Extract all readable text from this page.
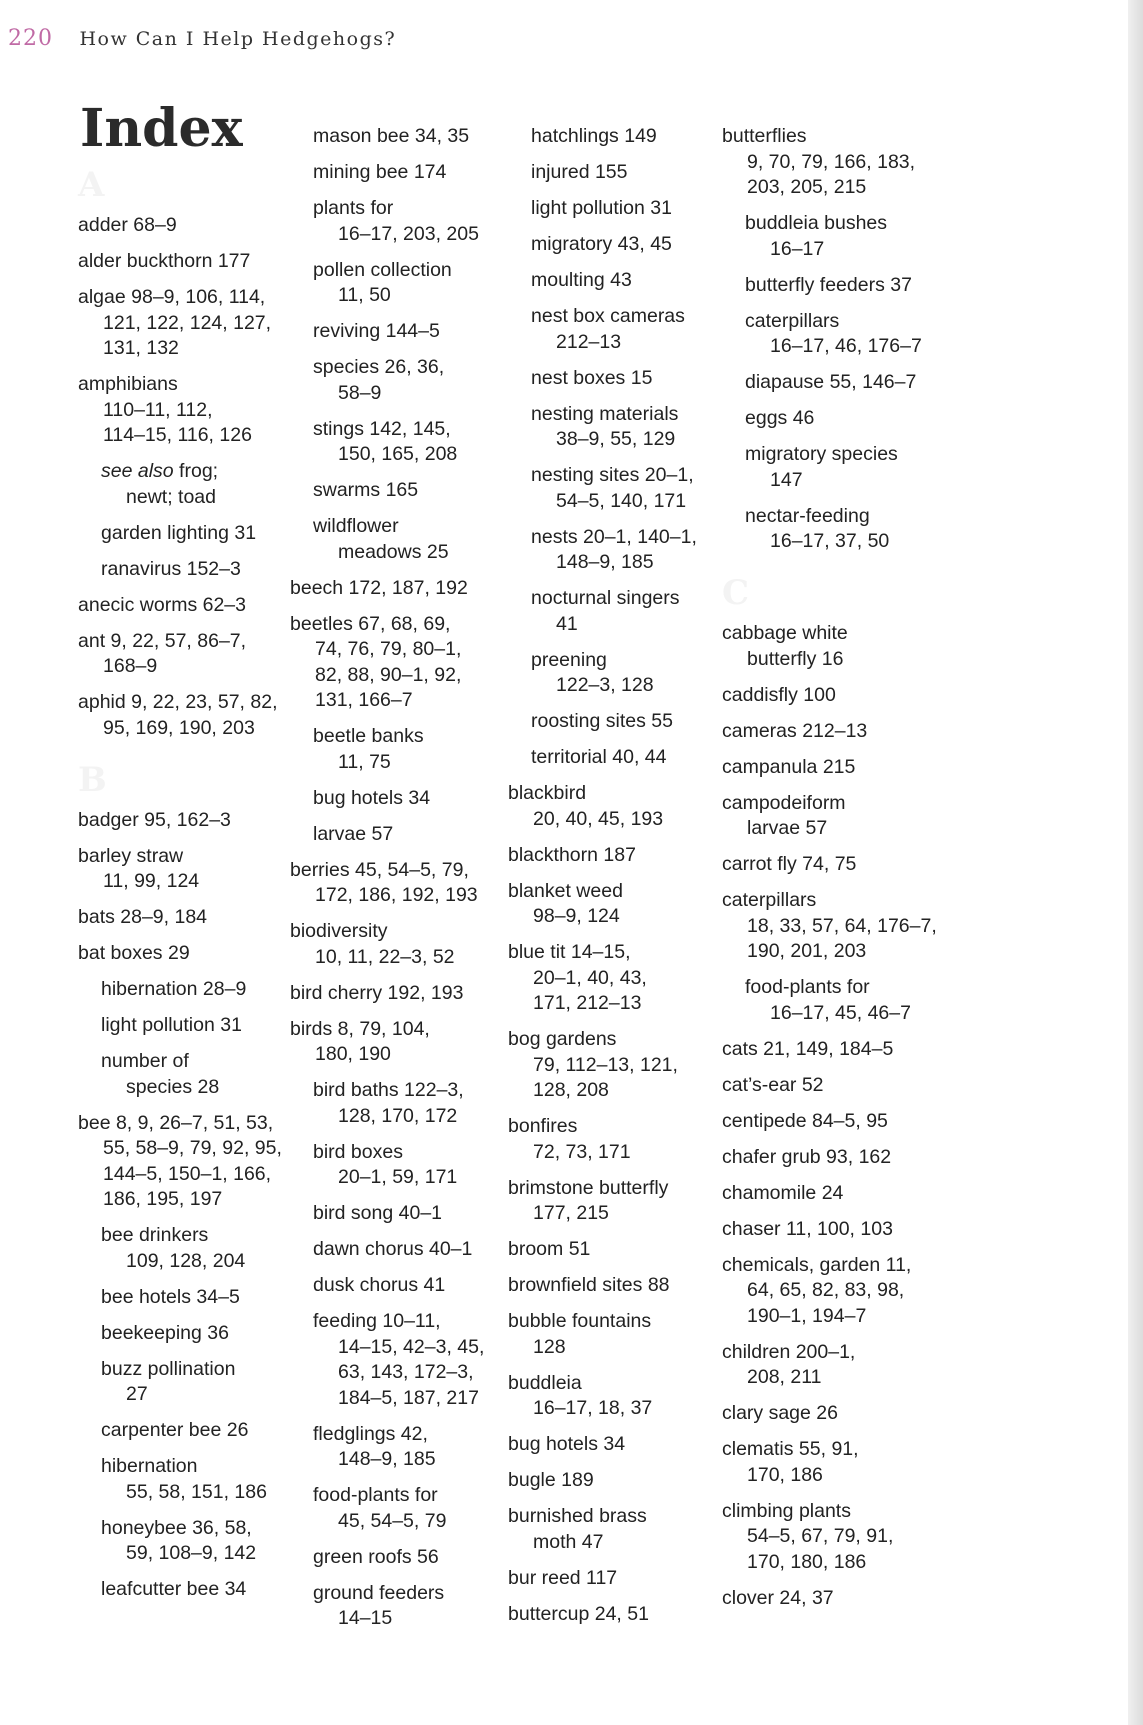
220 How Can I Help Hedgehogs?
Index
A
adder 68–9
alder buckthorn 177
algae 98–9, 106, 114,
121, 122, 124, 127,
131, 132
amphibians
110–11, 112,
114–15, 116, 126
see also frog;
newt; toad
garden lighting 31
ranavirus 152–3
anecic worms 62–3
ant 9, 22, 57, 86–7,
168–9
aphid 9, 22, 23, 57, 82,
95, 169, 190, 203
B
badger 95, 162–3
barley straw
11, 99, 124
bats 28–9, 184
bat boxes 29
hibernation 28–9
light pollution 31
number of
species 28
bee 8, 9, 26–7, 51, 53,
55, 58–9, 79, 92, 95,
144–5, 150–1, 166,
186, 195, 197
bee drinkers
109, 128, 204
bee hotels 34–5
beekeeping 36
buzz pollination
27
carpenter bee 26
hibernation
55, 58, 151, 186
honeybee 36, 58,
59, 108–9, 142
leafcutter bee 34
mason bee 34, 35
mining bee 174
plants for
16–17, 203, 205
pollen collection
11, 50
reviving 144–5
species 26, 36,
58–9
stings 142, 145,
150, 165, 208
swarms 165
wildflower
meadows 25
beech 172, 187, 192
beetles 67, 68, 69,
74, 76, 79, 80–1,
82, 88, 90–1, 92,
131, 166–7
beetle banks
11, 75
bug hotels 34
larvae 57
berries 45, 54–5, 79,
172, 186, 192, 193
biodiversity
10, 11, 22–3, 52
bird cherry 192, 193
birds 8, 79, 104,
180, 190
bird baths 122–3,
128, 170, 172
bird boxes
20–1, 59, 171
bird song 40–1
dawn chorus 40–1
dusk chorus 41
feeding 10–11,
14–15, 42–3, 45,
63, 143, 172–3,
184–5, 187, 217
fledglings 42,
148–9, 185
food-plants for
45, 54–5, 79
green roofs 56
ground feeders
14–15
hatchlings 149
injured 155
light pollution 31
migratory 43, 45
moulting 43
nest box cameras
212–13
nest boxes 15
nesting materials
38–9, 55, 129
nesting sites 20–1,
54–5, 140, 171
nests 20–1, 140–1,
148–9, 185
nocturnal singers
41
preening
122–3, 128
roosting sites 55
territorial 40, 44
blackbird
20, 40, 45, 193
blackthorn 187
blanket weed
98–9, 124
blue tit 14–15,
20–1, 40, 43,
171, 212–13
bog gardens
79, 112–13, 121,
128, 208
bonfires
72, 73, 171
brimstone butterfly
177, 215
broom 51
brownfield sites 88
bubble fountains
128
buddleia
16–17, 18, 37
bug hotels 34
bugle 189
burnished brass
moth 47
bur reed 117
buttercup 24, 51
butterflies
9, 70, 79, 166, 183,
203, 205, 215
buddleia bushes
16–17
butterfly feeders 37
caterpillars
16–17, 46, 176–7
diapause 55, 146–7
eggs 46
migratory species
147
nectar-feeding
16–17, 37, 50
C
cabbage white
butterfly 16
caddisfly 100
cameras 212–13
campanula 215
campodeiform
larvae 57
carrot fly 74, 75
caterpillars
18, 33, 57, 64, 176–7,
190, 201, 203
food-plants for
16–17, 45, 46–7
cats 21, 149, 184–5
cat’s-ear 52
centipede 84–5, 95
chafer grub 93, 162
chamomile 24
chaser 11, 100, 103
chemicals, garden 11,
64, 65, 82, 83, 98,
190–1, 194–7
children 200–1,
208, 211
clary sage 26
clematis 55, 91,
170, 186
climbing plants
54–5, 67, 79, 91,
170, 180, 186
clover 24, 37
